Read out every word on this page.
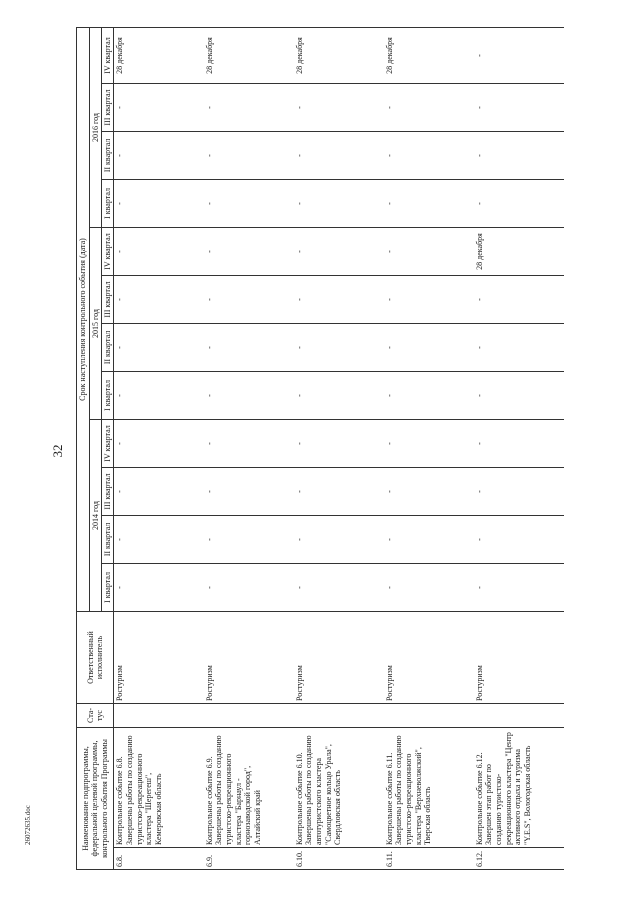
32
26072635.doc	Наименование подпрограммы, федеральной целевой программы, контрольного события Программы		Ста-тус	Ответственный исполнитель	Срок наступления контрольного события (дата)											
				2014 год				2015 год				2016 год			
				I квартал	II квартал	III квартал	IV квартал	I квартал	II квартал	III квартал	IV квартал	I квартал	II квартал	III квартал	IV квартал
6.8.	Контрольное событие 6.8. Завершены работы по созданию туристско-рекреационного кластера "Шерегеш", Кемеровская область		Ростуризм	-	-	-	-	-	-	-	-	-	-	-	28 декабря
6.9.	Контрольное событие 6.9. Завершены работы по созданию туристско-рекреационного кластера "Барнаул - горнозаводской город", Алтайский край		Ростуризм	-	-	-	-	-	-	-	-	-	-	-	28 декабря
6.10.	Контрольное событие 6.10. Завершены работы по созданию автотуристского кластера "Самоцветное кольцо Урала", Свердловская область		Ростуризм	-	-	-	-	-	-	-	-	-	-	-	28 декабря
6.11.	Контрольное событие 6.11. Завершены работы по созданию туристско-рекреационного кластера "Верхневолжский", Тверская область		Ростуризм	-	-	-	-	-	-	-	-	-	-	-	28 декабря
6.12.	Контрольное событие 6.12. Завершен этап работ по созданию туристско-рекреационного кластера "Центр активного отдыха и туризма "Y.E.S", Вологодская область		Ростуризм	-	-	-	-	-	-	-	28 декабря	-	-	-	-
